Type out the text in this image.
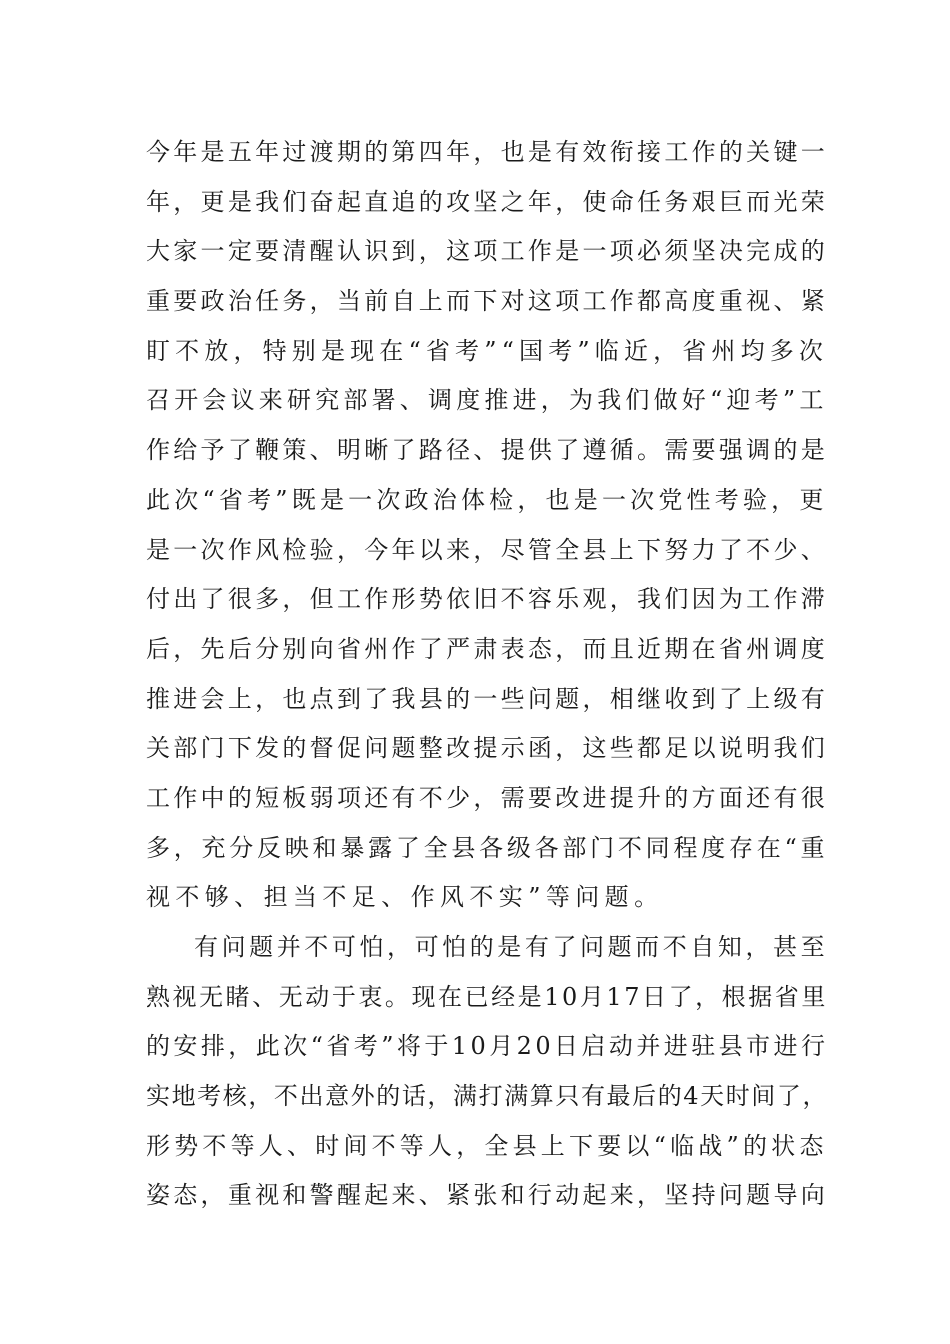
今年是五年过渡期的第四年，也是有效衔接工作的关键一
年，更是我们奋起直追的攻坚之年，使命任务艰巨而光荣
大家一定要清醒认识到，这项工作是一项必须坚决完成的
重要政治任务，当前自上而下对这项工作都高度重视、紧
盯不放，特别是现在“省考”“国考”临近，省州均多次
召开会议来研究部署、调度推进，为我们做好“迎考”工
作给予了鞭策、明晰了路径、提供了遵循。需要强调的是
此次“省考”既是一次政治体检，也是一次党性考验，更
是一次作风检验，今年以来，尽管全县上下努力了不少、
付出了很多，但工作形势依旧不容乐观，我们因为工作滞
后，先后分别向省州作了严肃表态，而且近期在省州调度
推进会上，也点到了我县的一些问题，相继收到了上级有
关部门下发的督促问题整改提示函，这些都足以说明我们
工作中的短板弱项还有不少，需要改进提升的方面还有很
多，充分反映和暴露了全县各级各部门不同程度存在“重
视不够、担当不足、作风不实”等问题。
有问题并不可怕，可怕的是有了问题而不自知，甚至
熟视无睹、无动于衷。现在已经是10月17日了，根据省里
的安排，此次“省考”将于10月20日启动并进驻县市进行
实地考核，不出意外的话，满打满算只有最后的4天时间了，
形势不等人、时间不等人，全县上下要以“临战”的状态
姿态，重视和警醒起来、紧张和行动起来，坚持问题导向
